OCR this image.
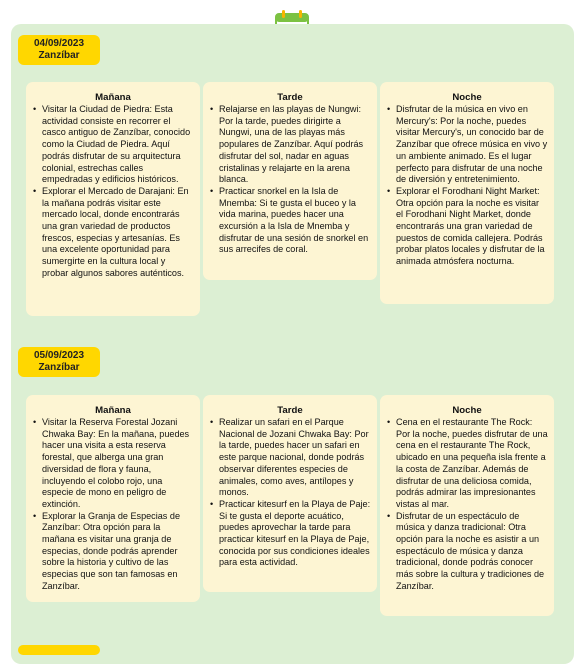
04/09/2023
Zanzíbar
Mañana
• Visitar la Ciudad de Piedra: Esta actividad consiste en recorrer el casco antiguo de Zanzíbar, conocido como la Ciudad de Piedra. Aquí podrás disfrutar de su arquitectura colonial, estrechas calles empedradas y edificios históricos.
• Explorar el Mercado de Darajani: En la mañana podrás visitar este mercado local, donde encontrarás una gran variedad de productos frescos, especias y artesanías. Es una excelente oportunidad para sumergirte en la cultura local y probar algunos sabores auténticos.
Tarde
• Relajarse en las playas de Nungwi: Por la tarde, puedes dirigirte a Nungwi, una de las playas más populares de Zanzíbar. Aquí podrás disfrutar del sol, nadar en aguas cristalinas y relajarte en la arena blanca.
• Practicar snorkel en la Isla de Mnemba: Si te gusta el buceo y la vida marina, puedes hacer una excursión a la Isla de Mnemba y disfrutar de una sesión de snorkel en sus arrecifes de coral.
Noche
• Disfrutar de la música en vivo en Mercury's: Por la noche, puedes visitar Mercury's, un conocido bar de Zanzíbar que ofrece música en vivo y un ambiente animado. Es el lugar perfecto para disfrutar de una noche de diversión y entretenimiento.
• Explorar el Forodhani Night Market: Otra opción para la noche es visitar el Forodhani Night Market, donde encontrarás una gran variedad de puestos de comida callejera. Podrás probar platos locales y disfrutar de la animada atmósfera nocturna.
05/09/2023
Zanzíbar
Mañana
• Visitar la Reserva Forestal Jozani Chwaka Bay: En la mañana, puedes hacer una visita a esta reserva forestal, que alberga una gran diversidad de flora y fauna, incluyendo el colobo rojo, una especie de mono en peligro de extinción.
• Explorar la Granja de Especias de Zanzíbar: Otra opción para la mañana es visitar una granja de especias, donde podrás aprender sobre la historia y cultivo de las especias que son tan famosas en Zanzíbar.
Tarde
• Realizar un safari en el Parque Nacional de Jozani Chwaka Bay: Por la tarde, puedes hacer un safari en este parque nacional, donde podrás observar diferentes especies de animales, como aves, antílopes y monos.
• Practicar kitesurf en la Playa de Paje: Si te gusta el deporte acuático, puedes aprovechar la tarde para practicar kitesurf en la Playa de Paje, conocida por sus condiciones ideales para esta actividad.
Noche
• Cena en el restaurante The Rock: Por la noche, puedes disfrutar de una cena en el restaurante The Rock, ubicado en una pequeña isla frente a la costa de Zanzíbar. Además de disfrutar de una deliciosa comida, podrás admirar las impresionantes vistas al mar.
• Disfrutar de un espectáculo de música y danza tradicional: Otra opción para la noche es asistir a un espectáculo de música y danza tradicional, donde podrás conocer más sobre la cultura y tradiciones de Zanzíbar.
